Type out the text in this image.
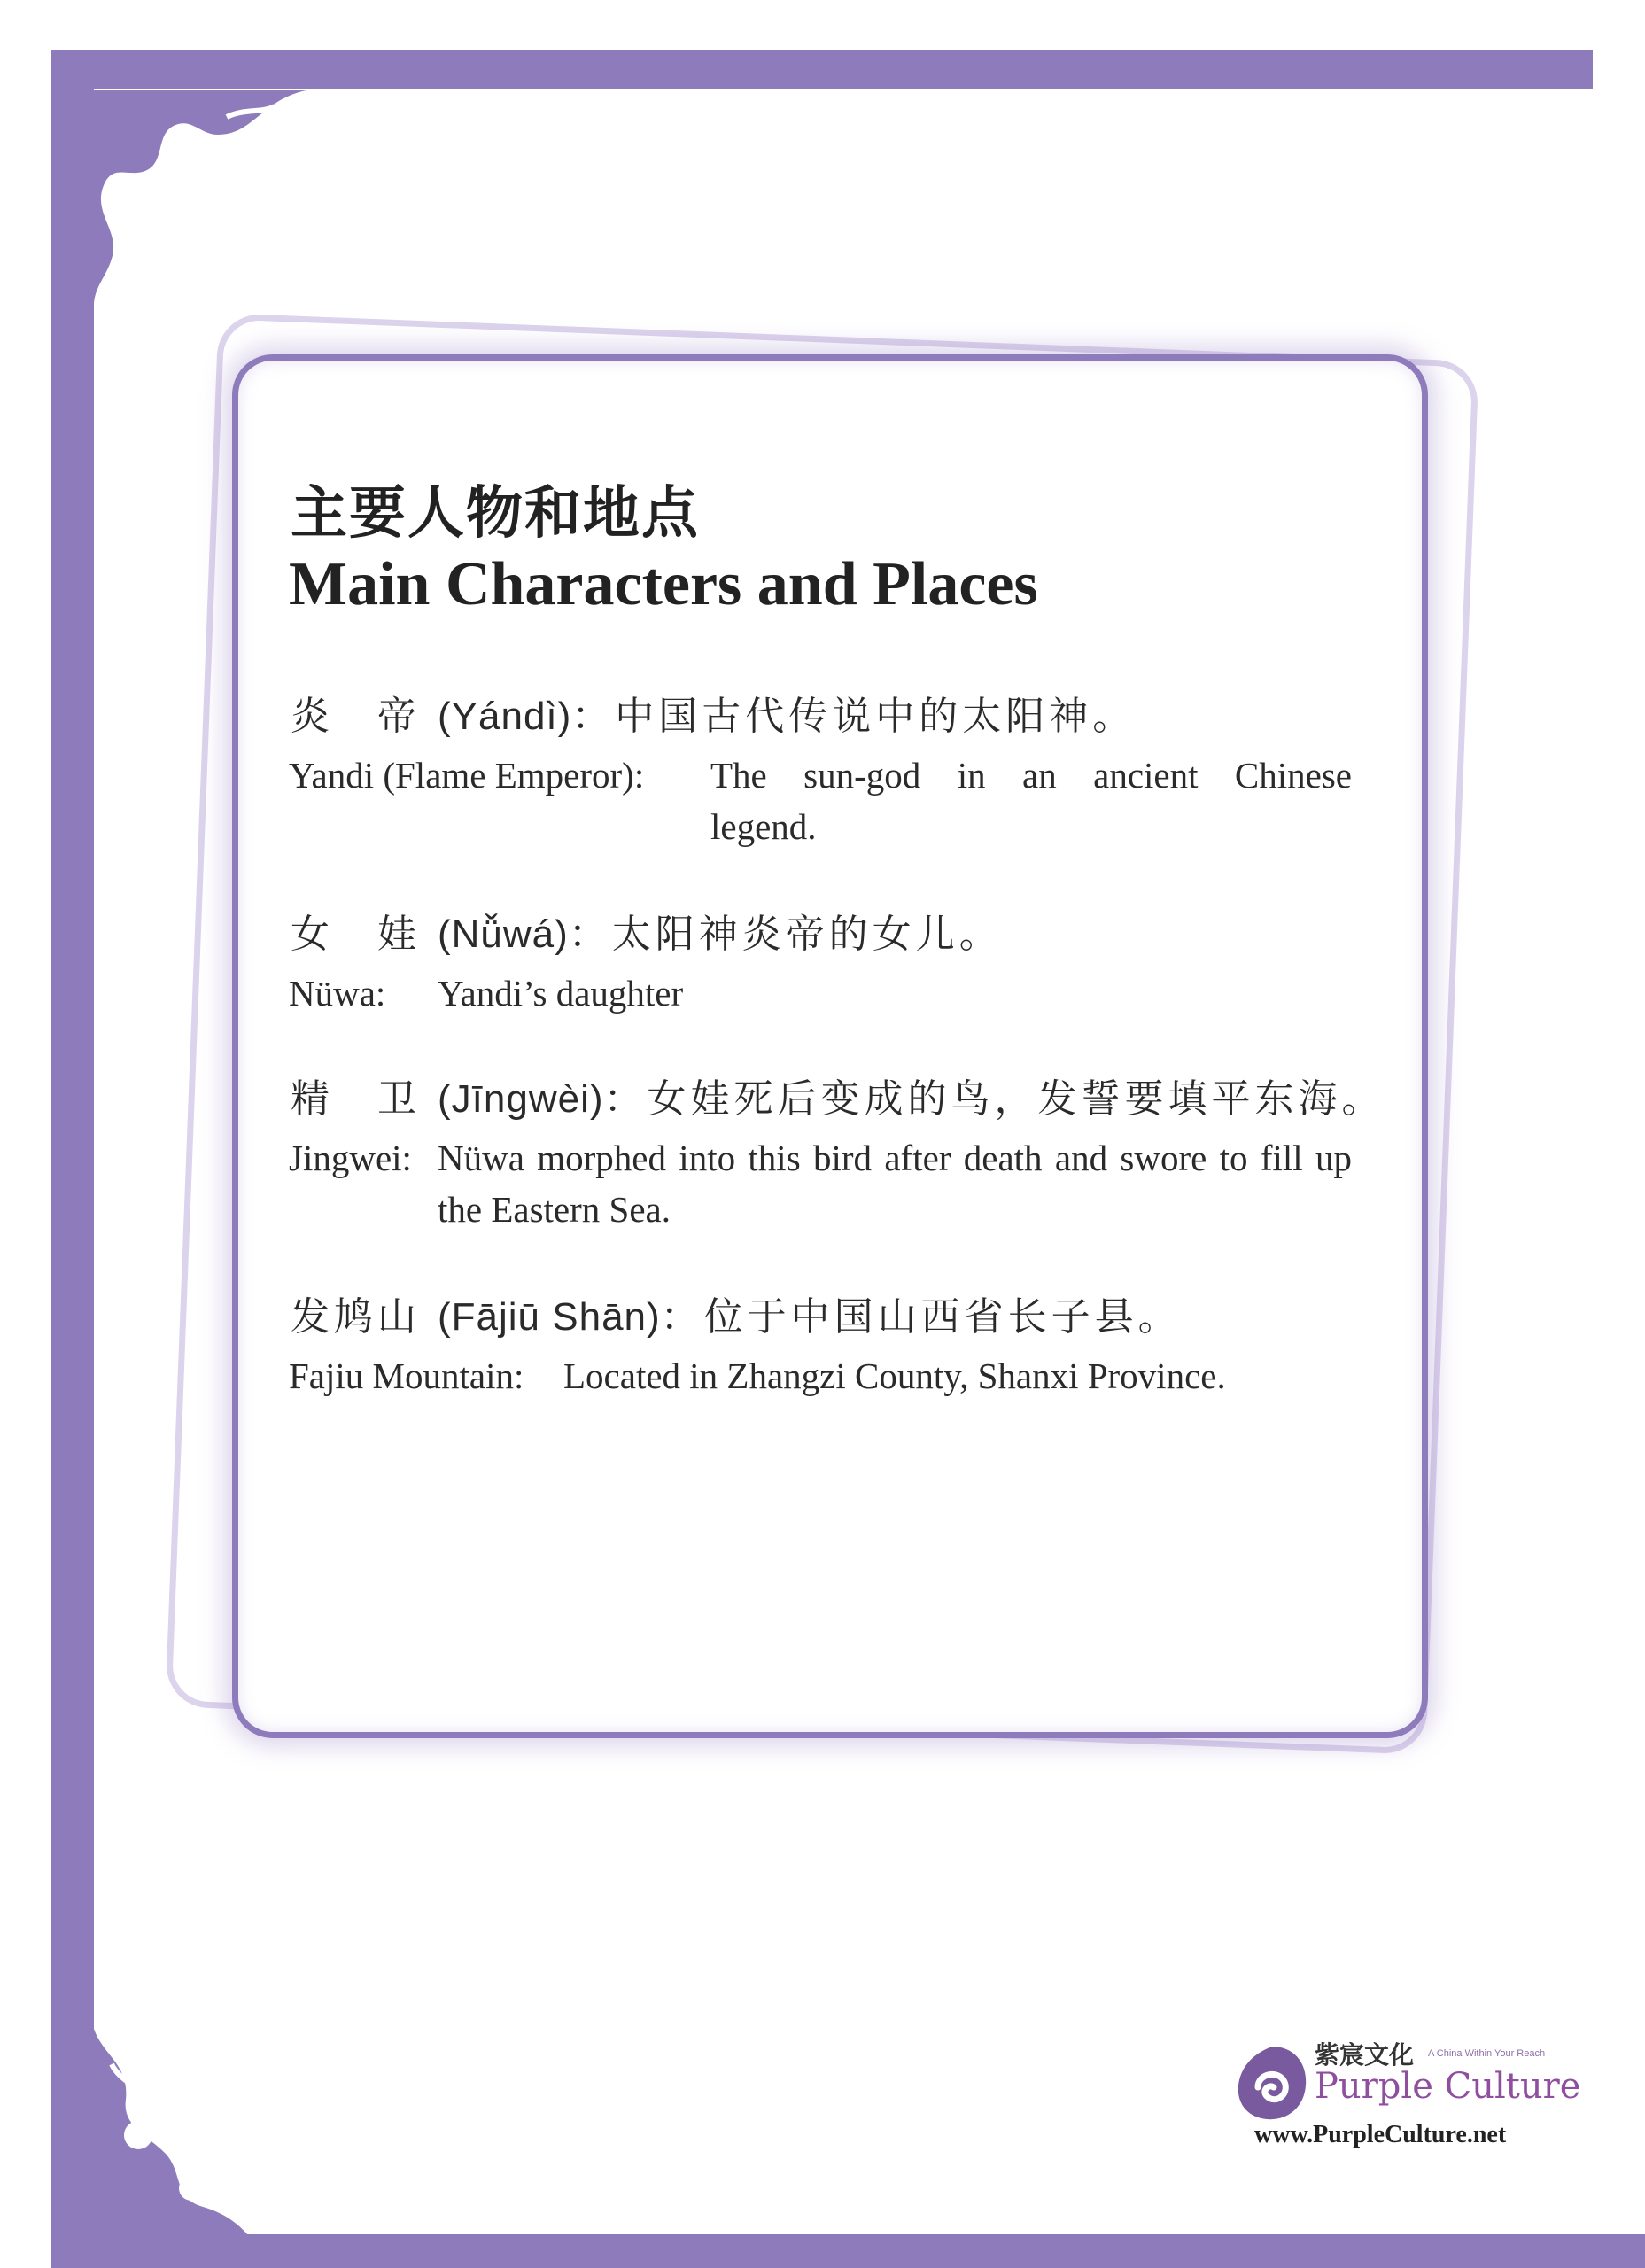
主要人物和地点
Main Characters and Places
炎　帝 (Yándì)：中国古代传说中的太阳神。
Yandi (Flame Emperor): The sun-god in an ancient Chinese legend.
女　娃 (Nǚwá)：太阳神炎帝的女儿。
Nüwa: Yandi’s daughter
精　卫 (Jīngwèi)：女娃死后变成的鸟，发誓要填平东海。
Jingwei: Nüwa morphed into this bird after death and swore to fill up the Eastern Sea.
发鸠山 (Fājiū Shān)：位于中国山西省长子县。
Fajiu Mountain: Located in Zhangzi County, Shanxi Province.
紫宸文化 A China Within Your Reach
Purple Culture
www.PurpleCulture.net
